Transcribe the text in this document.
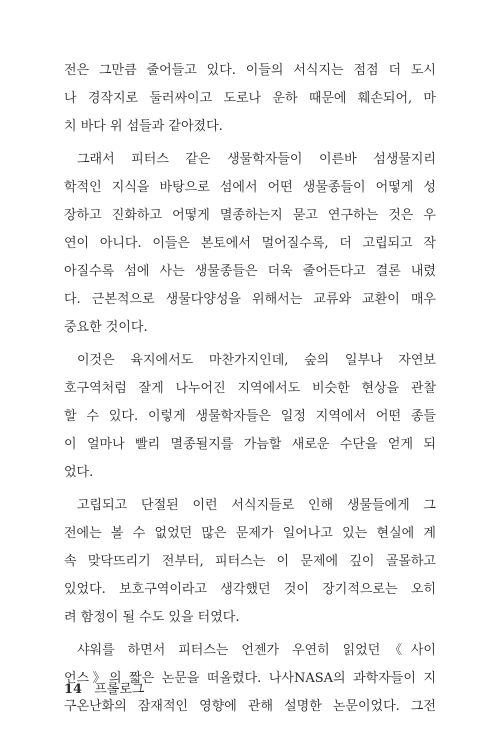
전은 그만큼 줄어들고 있다. 이들의 서식지는 점점 더 도시
나 경작지로 둘러싸이고 도로나 운하 때문에 훼손되어, 마
치 바다 위 섬들과 같아졌다.
그래서 피터스 같은 생물학자들이 이른바 섬생물지리
학적인 지식을 바탕으로 섬에서 어떤 생물종들이 어떻게 성
장하고 진화하고 어떻게 멸종하는지 묻고 연구하는 것은 우
연이 아니다. 이들은 본토에서 멀어질수록, 더 고립되고 작
아질수록 섬에 사는 생물종들은 더욱 줄어든다고 결론 내렸
다. 근본적으로 생물다양성을 위해서는 교류와 교환이 매우
중요한 것이다.
이것은 육지에서도 마찬가지인데, 숲의 일부나 자연보
호구역처럼 잘게 나누어진 지역에서도 비슷한 현상을 관찰
할 수 있다. 이렇게 생물학자들은 일정 지역에서 어떤 종들
이 얼마나 빨리 멸종될지를 가늠할 새로운 수단을 얻게 되
었다.
고립되고 단절된 이런 서식지들로 인해 생물들에게 그
전에는 볼 수 없었던 많은 문제가 일어나고 있는 현실에 계
속 맞닥뜨리기 전부터, 피터스는 이 문제에 깊이 골몰하고
있었다. 보호구역이라고 생각했던 것이 장기적으로는 오히
려 함정이 될 수도 있을 터였다.
샤워를 하면서 피터스는 언젠가 우연히 읽었던《사이
언스》의 짧은 논문을 떠올렸다. 나사NASA의 과학자들이 지
구온난화의 잠재적인 영향에 관해 설명한 논문이었다. 그전
14 프롤로그
